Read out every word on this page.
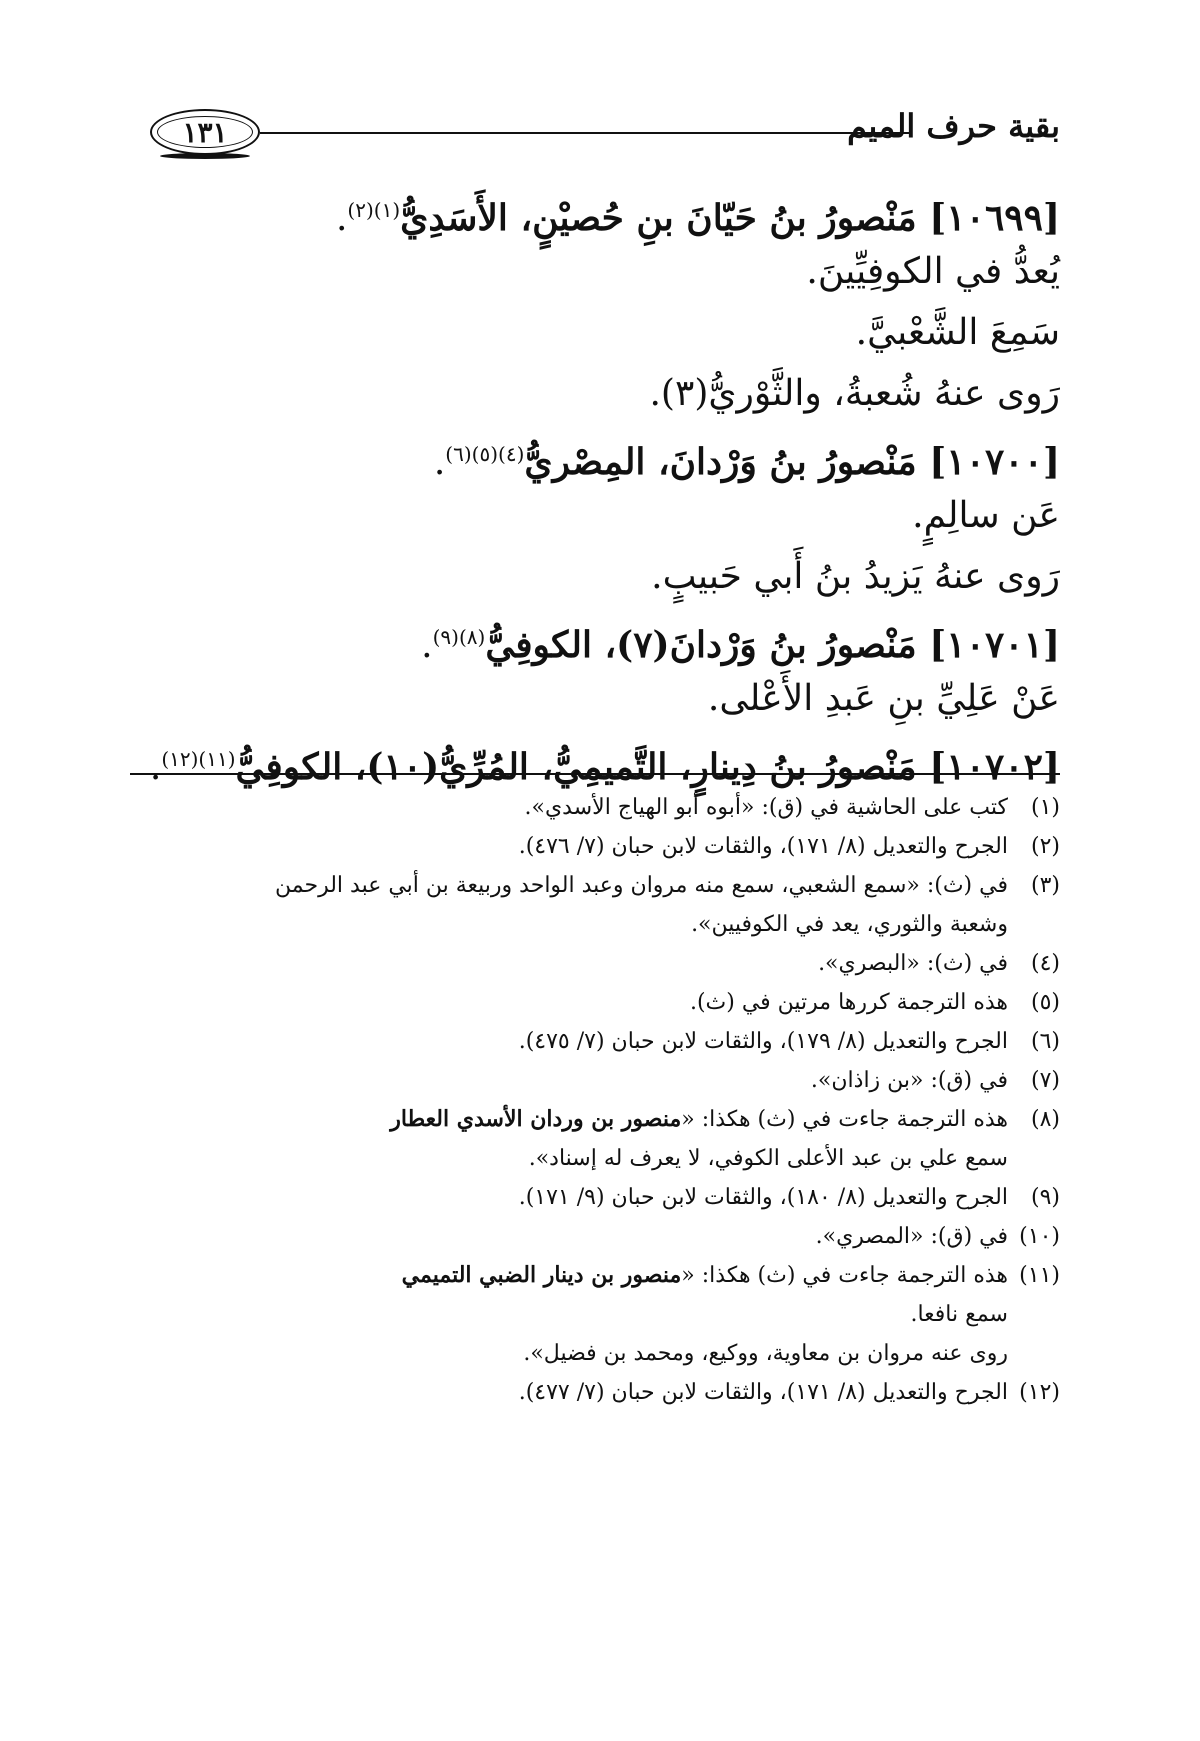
بقية حرف الميم
١٣١
[١٠٦٩٩] مَنْصورُ بنُ حَيّانَ بنِ حُصيْنٍ، الأَسَدِيُّ$^{(١)(٢)}$.
يُعدُّ في الكوفِيِّينَ.
سَمِعَ الشَّعْبيَّ.
رَوى عنهُ شُعبةُ، والثَّوْريُّ(٣).
[١٠٧٠٠] مَنْصورُ بنُ وَرْدانَ، المِصْريُّ$^{(٤)(٥)(٦)}$.
عَن سالِمٍ.
رَوى عنهُ يَزيدُ بنُ أَبي حَبيبٍ.
[١٠٧٠١] مَنْصورُ بنُ وَرْدانَ(٧)، الكوفِيُّ$^{(٨)(٩)}$.
عَنْ عَلِيِّ بنِ عَبدِ الأَعْلى.
[١٠٧٠٢] مَنْصورُ بنُ دِينارٍ، التَّميمِيُّ، المُرِّيُّ(١٠)، الكوفِيُّ$^{(١١)(١٢)}$.
(١)
كتب على الحاشية في (ق): «أبوه أبو الهياج الأسدي».
(٢)
الجرح والتعديل (٨/ ١٧١)، والثقات لابن حبان (٧/ ٤٧٦).
(٣)
في (ث): «سمع الشعبي، سمع منه مروان وعبد الواحد وربيعة بن أبي عبد الرحمن
وشعبة والثوري، يعد في الكوفيين».
(٤)
في (ث): «البصري».
(٥)
هذه الترجمة كررها مرتين في (ث).
(٦)
الجرح والتعديل (٨/ ١٧٩)، والثقات لابن حبان (٧/ ٤٧٥).
(٧)
في (ق): «بن زاذان».
(٨)
هذه الترجمة جاءت في (ث) هكذا: «منصور بن وردان الأسدي العطار
سمع علي بن عبد الأعلى الكوفي، لا يعرف له إسناد».
(٩)
الجرح والتعديل (٨/ ١٨٠)، والثقات لابن حبان (٩/ ١٧١).
(١٠)
في (ق): «المصري».
(١١)
هذه الترجمة جاءت في (ث) هكذا: «منصور بن دينار الضبي التميمي
سمع نافعا.
روى عنه مروان بن معاوية، ووكيع، ومحمد بن فضيل».
(١٢)
الجرح والتعديل (٨/ ١٧١)، والثقات لابن حبان (٧/ ٤٧٧).
